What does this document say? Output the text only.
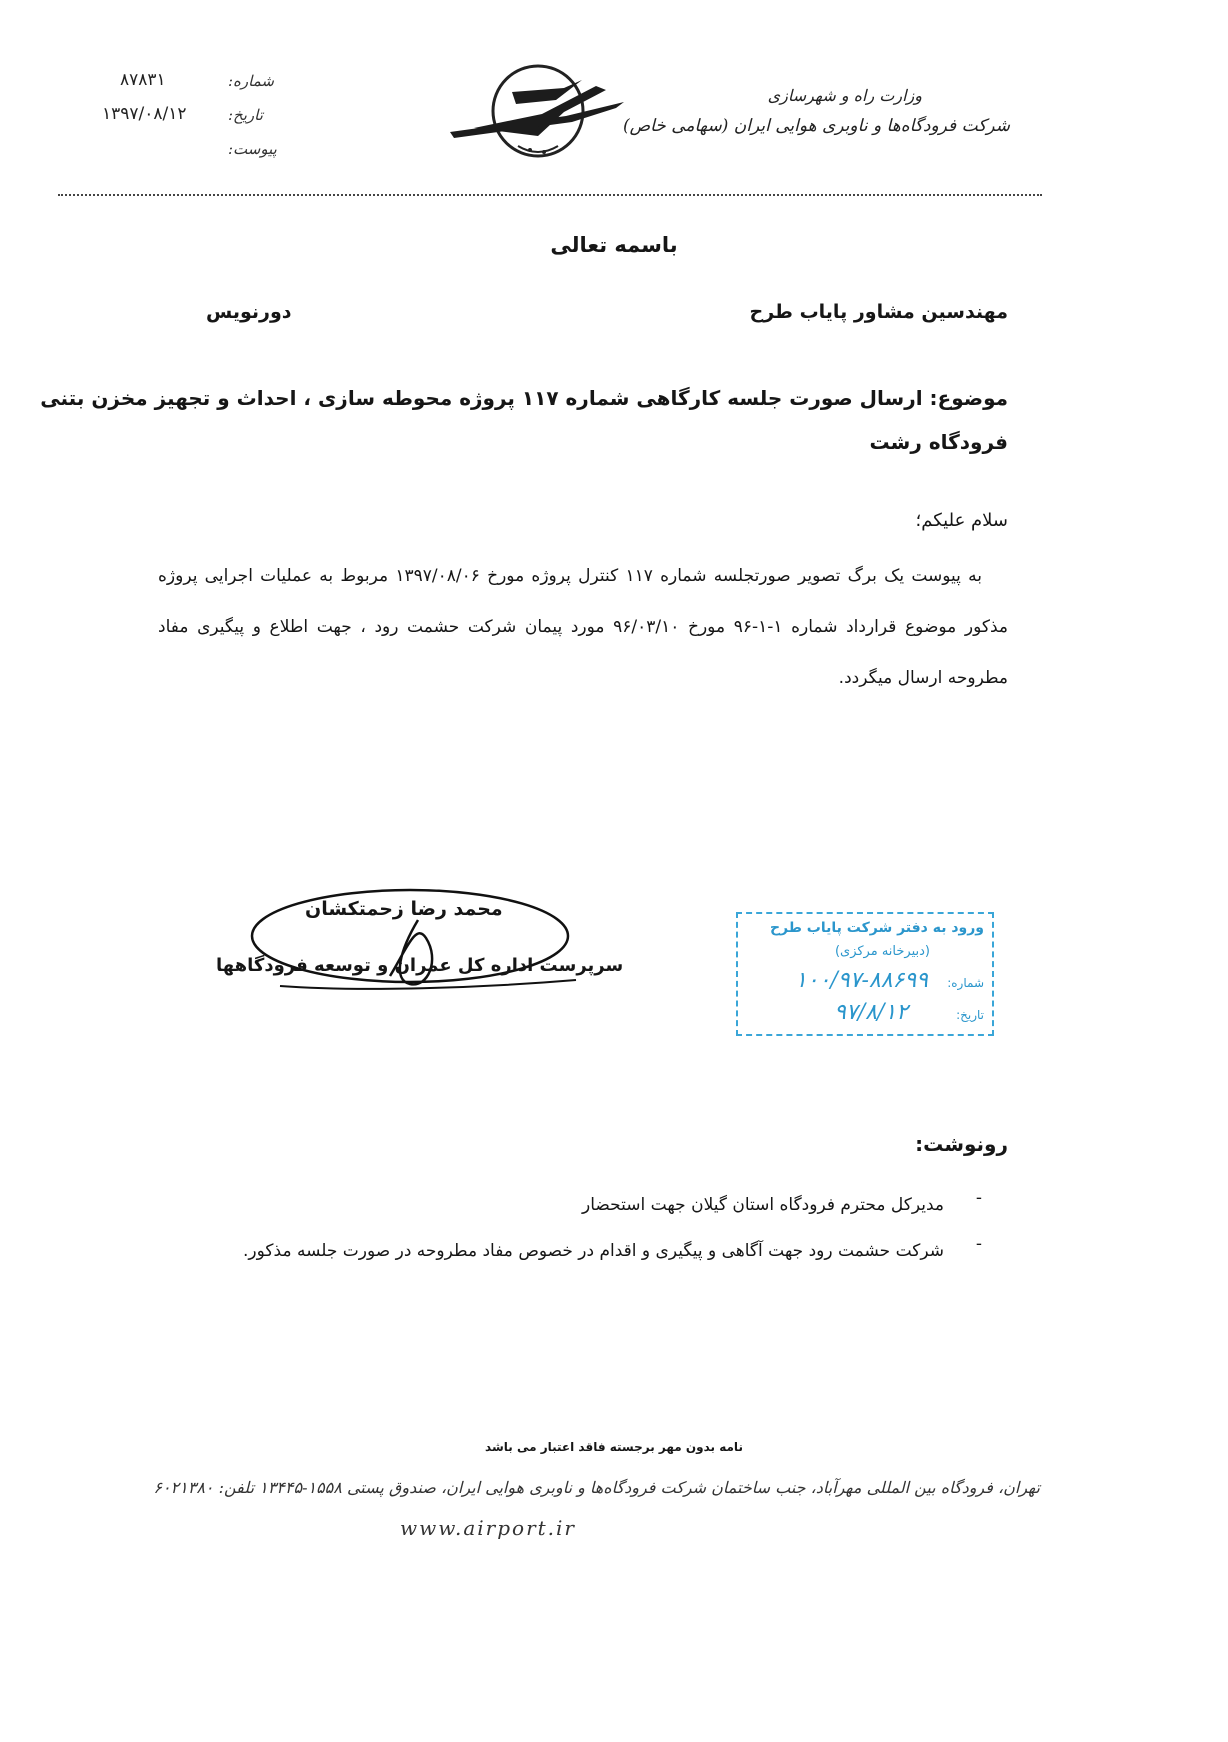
۸۷۸۳۱	شماره:
۱۳۹۷/۰۸/۱۲	تاریخ:
پیوست:
وزارت راه و شهرسازی
شرکت فرودگاه‌ها و ناوبری هوایی ایران (سهامی خاص)
باسمه تعالی
مهندسین مشاور پایاب طرح
دورنویس
موضوع: ارسال صورت جلسه کارگاهی شماره ۱۱۷ پروژه محوطه سازی ، احداث و تجهیز مخزن بتنی
فرودگاه رشت
سلام علیکم؛
به پیوست یک برگ تصویر صورتجلسه شماره ۱۱۷ کنترل پروژه مورخ ۱۳۹۷/۰۸/۰۶ مربوط به عملیات اجرایی پروژه مذکور موضوع قرارداد شماره ۱-۱-۹۶ مورخ ۹۶/۰۳/۱۰ مورد پیمان شرکت حشمت رود ، جهت اطلاع و پیگیری مفاد مطروحه ارسال میگردد.
محمد رضا زحمتکشان
سرپرست اداره کل عمران و توسعه فرودگاهها
ورود به دفتر شرکت پایاب طرح
(دبیرخانه مرکزی)
شماره:
۱۰۰/۹۷-۸۸۶۹۹
تاریخ:
۹۷/۸/۱۲
رونوشت:
-
مدیرکل محترم فرودگاه استان گیلان جهت استحضار
-
شرکت حشمت رود جهت آگاهی و پیگیری و اقدام در خصوص مفاد مطروحه در صورت جلسه مذکور.
نامه بدون مهر برجسته فاقد اعتبار می باشد
تهران، فرودگاه بین المللی مهرآباد، جنب ساختمان شرکت فرودگاه‌ها و ناوبری هوایی ایران، صندوق پستی ۱۵۵۸-۱۳۴۴۵ تلفن: ۶۰۲۱۳۸۰
www.airport.ir
